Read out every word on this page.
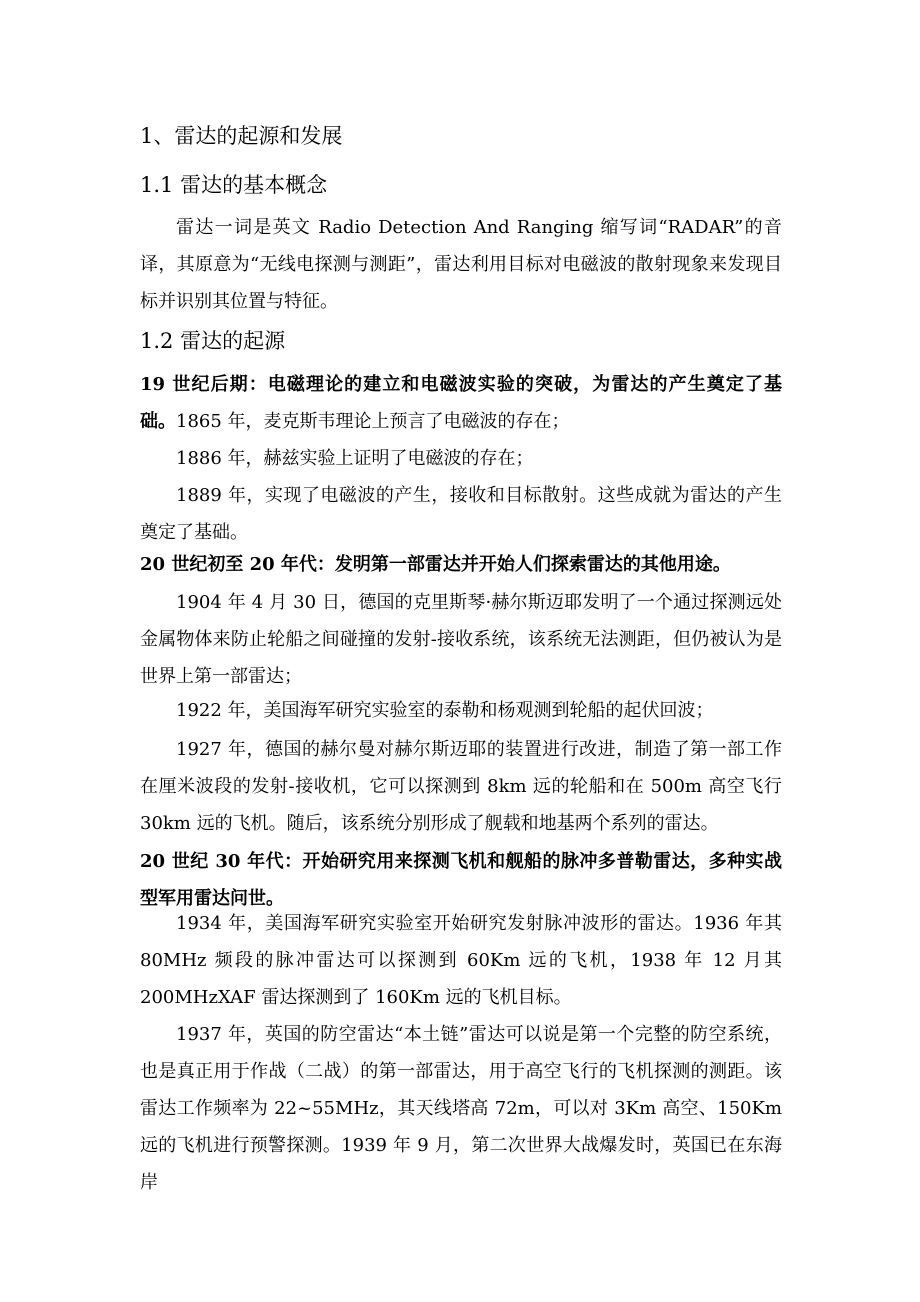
1、雷达的起源和发展
1.1 雷达的基本概念
雷达一词是英文 Radio Detection And Ranging 缩写词“RADAR”的音译，其原意为“无线电探测与测距”，雷达利用目标对电磁波的散射现象来发现目标并识别其位置与特征。
1.2 雷达的起源
19 世纪后期：电磁理论的建立和电磁波实验的突破，为雷达的产生奠定了基础。 1865 年，麦克斯韦理论上预言了电磁波的存在；
1886 年，赫兹实验上证明了电磁波的存在；
1889 年，实现了电磁波的产生，接收和目标散射。这些成就为雷达的产生奠定了基础。
20 世纪初至 20 年代：发明第一部雷达并开始人们探索雷达的其他用途。
1904 年 4 月 30 日，德国的克里斯琴·赫尔斯迈耶发明了一个通过探测远处金属物体来防止轮船之间碰撞的发射-接收系统，该系统无法测距，但仍被认为是世界上第一部雷达；
1922 年，美国海军研究实验室的泰勒和杨观测到轮船的起伏回波；
1927 年，德国的赫尔曼对赫尔斯迈耶的装置进行改进，制造了第一部工作在厘米波段的发射-接收机，它可以探测到 8km 远的轮船和在 500m 高空飞行 30km 远的飞机。随后，该系统分别形成了舰载和地基两个系列的雷达。
20 世纪 30 年代：开始研究用来探测飞机和舰船的脉冲多普勒雷达，多种实战型军用雷达问世。
1934 年，美国海军研究实验室开始研究发射脉冲波形的雷达。1936 年其 80MHz 频段的脉冲雷达可以探测到 60Km 远的飞机，1938 年 12 月其 200MHzXAF 雷达探测到了 160Km 远的飞机目标。
1937 年，英国的防空雷达“本土链”雷达可以说是第一个完整的防空系统，也是真正用于作战（二战）的第一部雷达，用于高空飞行的飞机探测的测距。该雷达工作频率为 22~55MHz，其天线塔高 72m，可以对 3Km 高空、150Km 远的飞机进行预警探测。1939 年 9 月，第二次世界大战爆发时，英国已在东海岸
